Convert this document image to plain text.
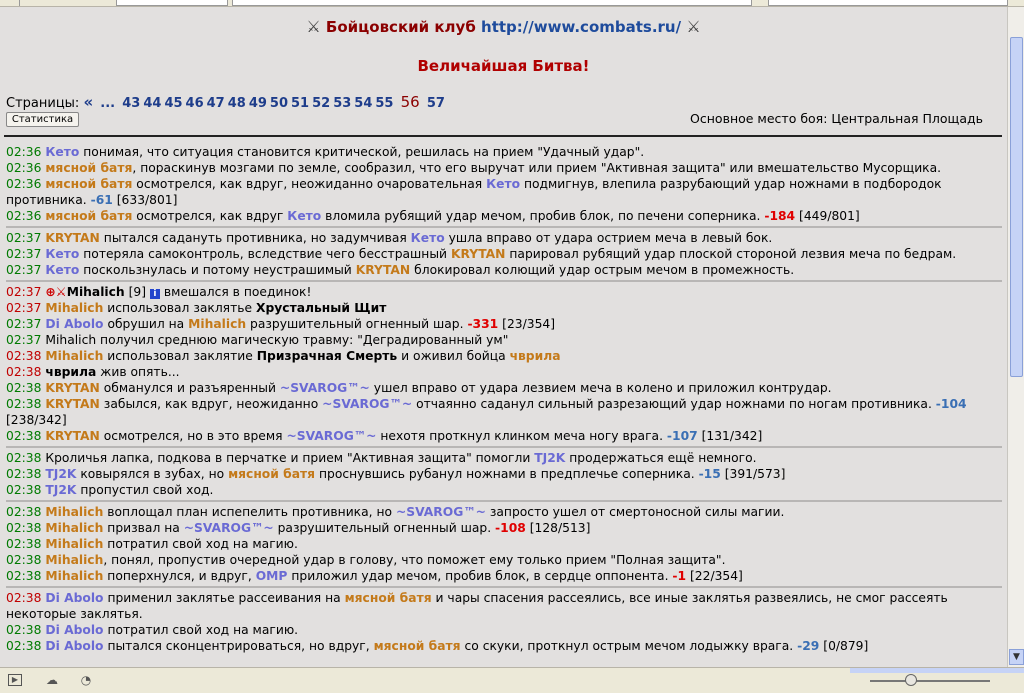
⚔ Бойцовский клуб http://www.combats.ru/ ⚔
Величайшая Битва!
Страницы: « ... 43 44 45 46 47 48 49 50 51 52 53 54 55 56 57
Статистика	Основное место боя: Центральная Площадь
02:36 Кето понимая, что ситуация становится критической, решилась на прием "Удачный удар".
02:36 мясной батя, порaскинув мозгами по земле, сообразил, что его выручат или прием "Активная защита" или вмешательство Мусорщика.
02:36 мясной батя осмотрелся, как вдруг, неожиданно очаровательная Кето подмигнув, влепила разрубающий удар ножнами в подбородок противника. -61 [633/801]
02:36 мясной батя осмотрелся, как вдруг Кето вломила рубящий удар мечом, пробив блок, по печени соперника. -184 [449/801]
02:37 KRYTAN пытался садануть противника, но задумчивая Кето ушла вправо от удара острием меча в левый бок.
02:37 Кето потеряла самоконтроль, вследствие чего бесстрашный KRYTAN парировал рубящий удар плоской стороной лезвия меча по бедрам.
02:37 Кето поскользнулась и потому неустрашимый KRYTAN блокировал колющий удар острым мечом в промежность.
02:37 ⊕⚔Mihalich [9] i вмешался в поединок!
02:37 Mihalich использовал заклятье Хрустальный Щит
02:37 Di Abolo обрушил на Mihalich разрушительный огненный шар. -331 [23/354]
02:37 Mihalich получил среднюю магическую травму: "Деградированный ум"
02:38 Mihalich использовал заклятие Призрачная Смерть и оживил бойца чврила
02:38 чврила жив опять...
02:38 KRYTAN обманулся и разъяренный ~SVAROG™~ ушел вправо от удара лезвием меча в колено и приложил контрудар.
02:38 KRYTAN забылся, как вдруг, неожиданно ~SVAROG™~ отчаянно саданул сильный разрезающий удар ножнами по ногам противника. -104 [238/342]
02:38 KRYTAN осмотрелся, но в это время ~SVAROG™~ нехотя проткнул клинком меча ногу врага. -107 [131/342]
02:38 Кроличья лапка, подкова в перчатке и прием "Активная защита" помогли TJ2K продержаться ещё немного.
02:38 TJ2K ковырялся в зубах, но мясной батя проснувшись рубанул ножнами в предплечье соперника. -15 [391/573]
02:38 TJ2K пропустил свой ход.
02:38 Mihalich воплощал план испепелить противника, но ~SVAROG™~ запросто ушел от смертоносной силы магии.
02:38 Mihalich призвал на ~SVAROG™~ разрушительный огненный шар. -108 [128/513]
02:38 Mihalich потратил свой ход на магию.
02:38 Mihalich, понял, пропустив очередной удар в голову, что поможет ему только прием "Полная защита".
02:38 Mihalich поперхнулся, и вдруг, OMP приложил удар мечом, пробив блок, в сердце оппонента. -1 [22/354]
02:38 Di Abolo применил заклятье рассеивания на мясной батя и чары спасения рассеялись, все иные заклятья развеялись, не смог рассеять некоторые заклятья.
02:38 Di Abolo потратил свой ход на магию.
02:38 Di Abolo пытался сконцентрироваться, но вдруг, мясной батя со скуки, проткнул острым мечом лодыжку врага. -29 [0/879]
▼
▶	☁ ◔
